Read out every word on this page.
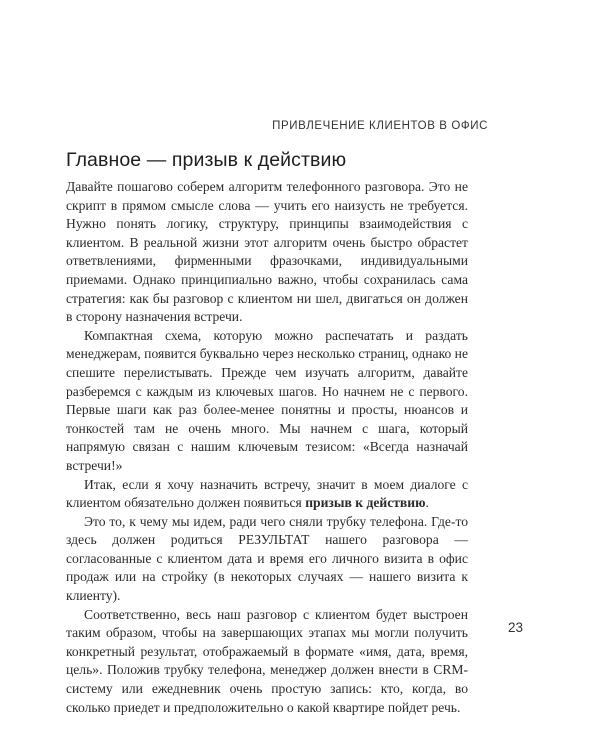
ПРИВЛЕЧЕНИЕ КЛИЕНТОВ В ОФИС
Главное — призыв к действию

Давайте пошагово соберем алгоритм телефонного разговора. Это не скрипт в прямом смысле слова — учить его наизусть не требуется. Нужно понять логику, структуру, принципы взаимодействия с клиентом. В реальной жизни этот алгоритм очень быстро обрастет ответвлениями, фирменными фразочками, индивидуальными приемами. Однако принципиально важно, чтобы сохранилась сама стратегия: как бы разговор с клиентом ни шел, двигаться он должен в сторону назначения встречи.

Компактная схема, которую можно распечатать и раздать менеджерам, появится буквально через несколько страниц, однако не спешите перелистывать. Прежде чем изучать алгоритм, давайте разберемся с каждым из ключевых шагов. Но начнем не с первого. Первые шаги как раз более-менее понятны и просты, нюансов и тонкостей там не очень много. Мы начнем с шага, который напрямую связан с нашим ключевым тезисом: «Всегда назначай встречи!»

Итак, если я хочу назначить встречу, значит в моем диалоге с клиентом обязательно должен появиться призыв к действию.

Это то, к чему мы идем, ради чего сняли трубку телефона. Где-то здесь должен родиться РЕЗУЛЬТАТ нашего разговора — согласованные с клиентом дата и время его личного визита в офис продаж или на стройку (в некоторых случаях — нашего визита к клиенту).

Соответственно, весь наш разговор с клиентом будет выстроен таким образом, чтобы на завершающих этапах мы могли получить конкретный результат, отображаемый в формате «имя, дата, время, цель». Положив трубку телефона, менеджер должен внести в CRM-систему или ежедневник очень простую запись: кто, когда, во сколько приедет и предположительно о какой квартире пойдет речь.

23
